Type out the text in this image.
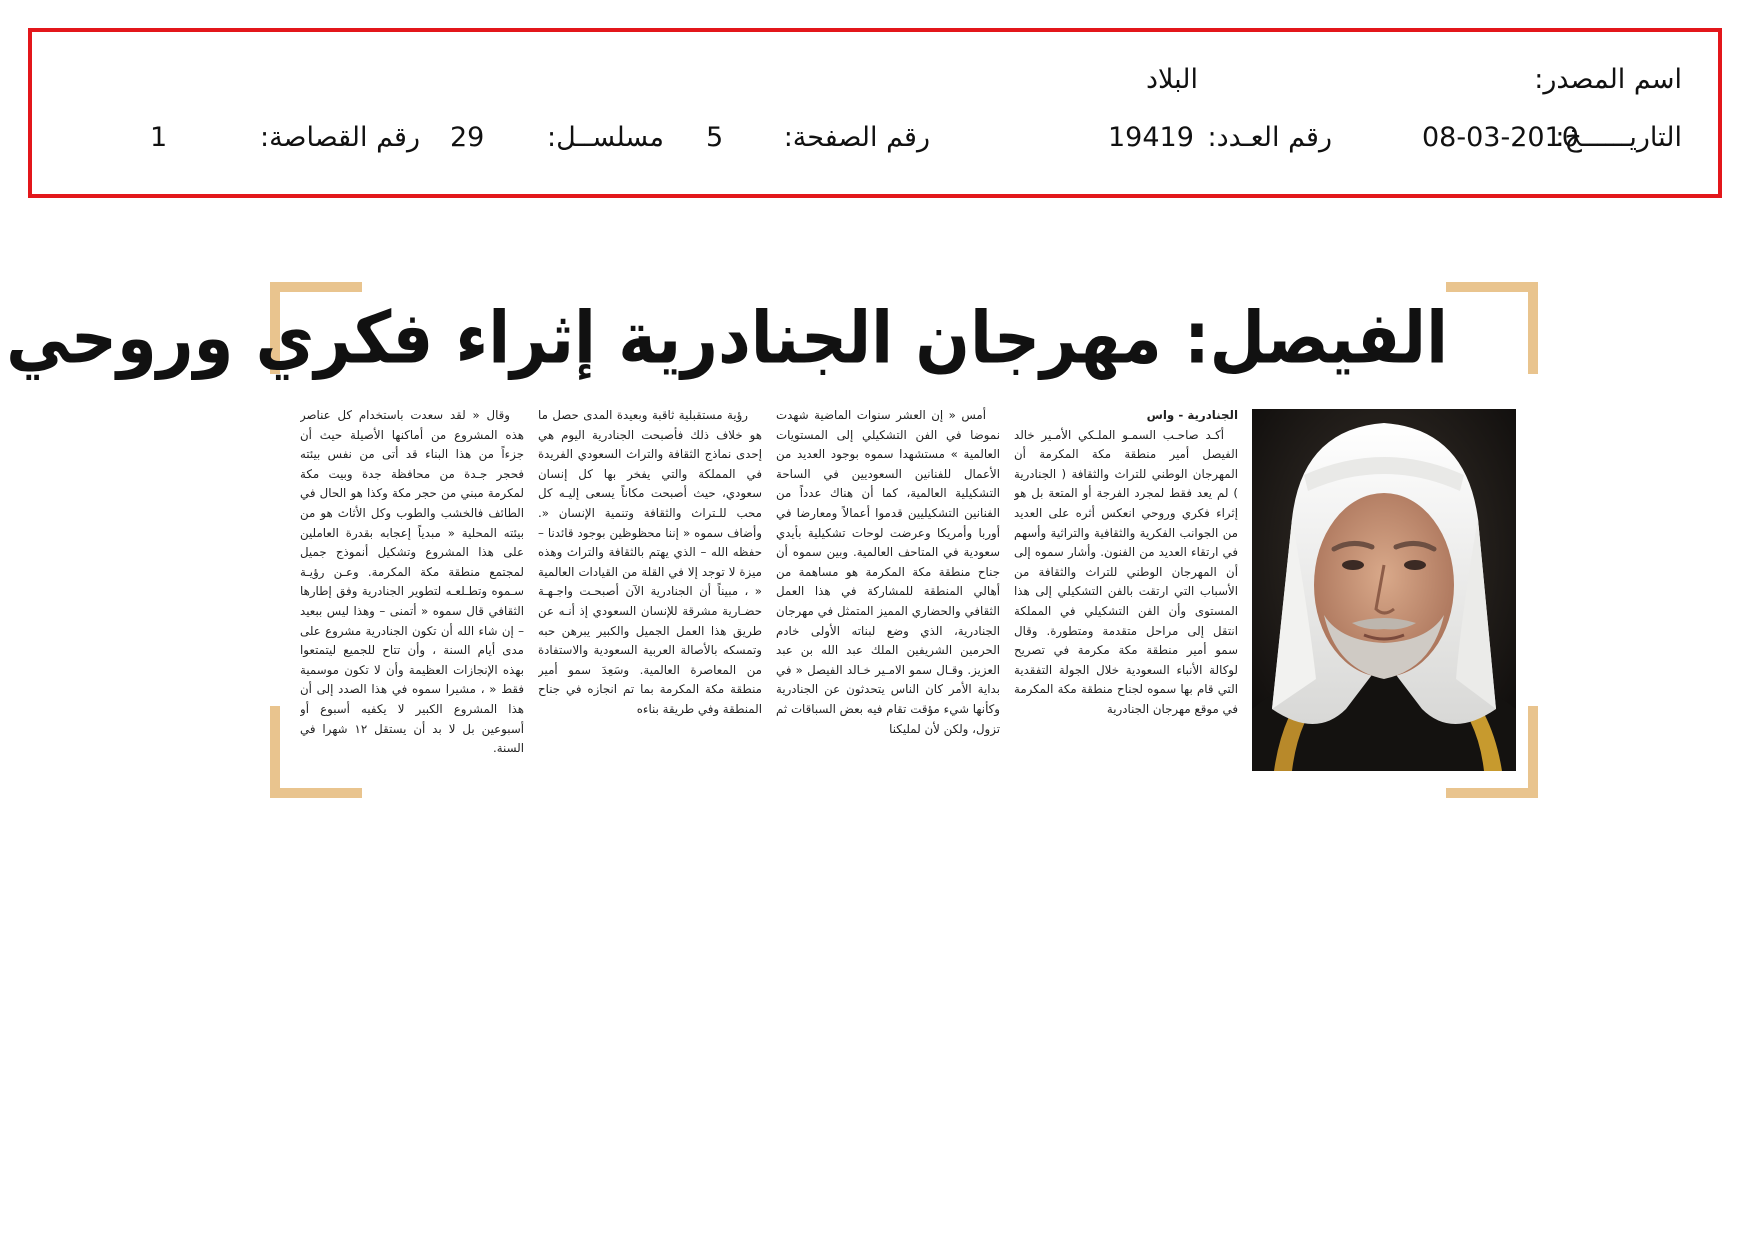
اسم المصدر:
البلاد
التاريــــــخ:
08-03-2010
رقم العـدد:
19419
رقم الصفحة:
5
مسلســل:
29
رقم القصاصة:
1
الفيصل: مهرجان الجنادرية إثراء فكري وروحي
الجنادرية - واس

أكـد صاحـب السمـو الملـكي الأمـير خالد الفيصل أمير منطقة مكة المكرمة أن المهرجان الوطني للتراث والثقافة ( الجنادرية ) لم يعد فقط لمجرد الفرجة أو المتعة بل هو إثراء فكري وروحي انعكس أثره على العديد من الجوانب الفكرية والثقافية والتراثية وأسهم في ارتقاء العديد من الفنون. وأشار سموه إلى أن المهرجان الوطني للتراث والثقافة من الأسباب التي ارتقت بالفن التشكيلي إلى هذا المستوى وأن الفن التشكيلي في المملكة انتقل إلى مراحل متقدمة ومتطورة. وقال سمو أمير منطقة مكة مكرمة في تصريح لوكالة الأنباء السعودية خلال الجولة التفقدية التي قام بها سموه لجناح منطقة مكة المكرمة في موقع مهرجان الجنادرية

أمس « إن العشر سنوات الماضية شهدت نموضا في الفن التشكيلي إلى المستويات العالمية » مستشهدا سموه بوجود العديد من الأعمال للفنانين السعوديين في الساحة التشكيلية العالمية، كما أن هناك عدداً من الفنانين التشكيليين قدموا أعمالاً ومعارضا في أوربا وأمريكا وعرضت لوحات تشكيلية بأيدي سعودية في المتاحف العالمية. وبين سموه أن جناح منطقة مكة المكرمة هو مساهمة من أهالي المنطقة للمشاركة في هذا العمل الثقافي والحضاري المميز المتمثل في مهرجان الجنادرية، الذي وضع لبناته الأولى خادم الحرمين الشريفين الملك عبد الله بن عبد العزيز. وقـال سمو الامـير خـالد الفيصل « في بداية الأمر كان الناس يتحدثون عن الجنادرية وكأنها شيء مؤقت تقام فيه بعض السباقات ثم تزول، ولكن لأن لمليكنا

رؤية مستقبلية ثاقبة وبعيدة المدى حصل ما هو خلاف ذلك فأصبحت الجنادرية اليوم هي إحدى نماذج الثقافة والتراث السعودي الفريدة في المملكة والتي يفخر بها كل إنسان سعودي، حيث أصبحت مكاناً يسعى إليـه كل محب للـتراث والثقافة وتنمية الإنسان «. وأضاف سموه « إننا محظوظين بوجود قائدنا – حفظه الله – الذي يهتم بالثقافة والتراث وهذه ميزة لا توجد إلا في القلة من القيادات العالمية « ، مبيناً أن الجنادرية الآن أصبحـت واجـهـة حضـارية مشرقة للإنسان السعودي إذ أنـه عن طريق هذا العمل الجميل والكبير يبرهن حبه وتمسكه بالأصالة العربية السعودية والاستفادة من المعاصرة العالمية. وسَعِدَ سمو أمير منطقة مكة المكرمة بما تم انجازه في جناح المنطقة وفي طريقة بناءه

وقال « لقد سعدت باستخدام كل عناصر هذه المشروع من أماكنها الأصيلة حيث أن جزءاً من هذا البناء قد أتى من نفس بيئته فحجر جـدة من محافظة جدة وبيت مكة لمكرمة مبني من حجر مكة وكذا هو الحال في الطائف فالخشب والطوب وكل الأثاث هو من بيئته المحلية « مبدياً إعجابه بقدرة العاملين على هذا المشروع وتشكيل أنموذج جميل لمجتمع منطقة مكة المكرمة. وعـن رؤيـة سـموه وتطـلعـه لتطوير الجنادرية وفق إطارها الثقافي قال سموه « أتمنى – وهذا ليس ببعيد – إن شاء الله أن تكون الجنادرية مشروع على مدى أيام السنة ، وأن تتاح للجميع ليتمتعوا بهذه الإنجازات العظيمة وأن لا تكون موسمية فقط « ، مشيرا سموه في هذا الصدد إلى أن هذا المشروع الكبير لا يكفيه أسبوع أو أسبوعين بل لا بد أن يستقل ١٢ شهرا في السنة.
